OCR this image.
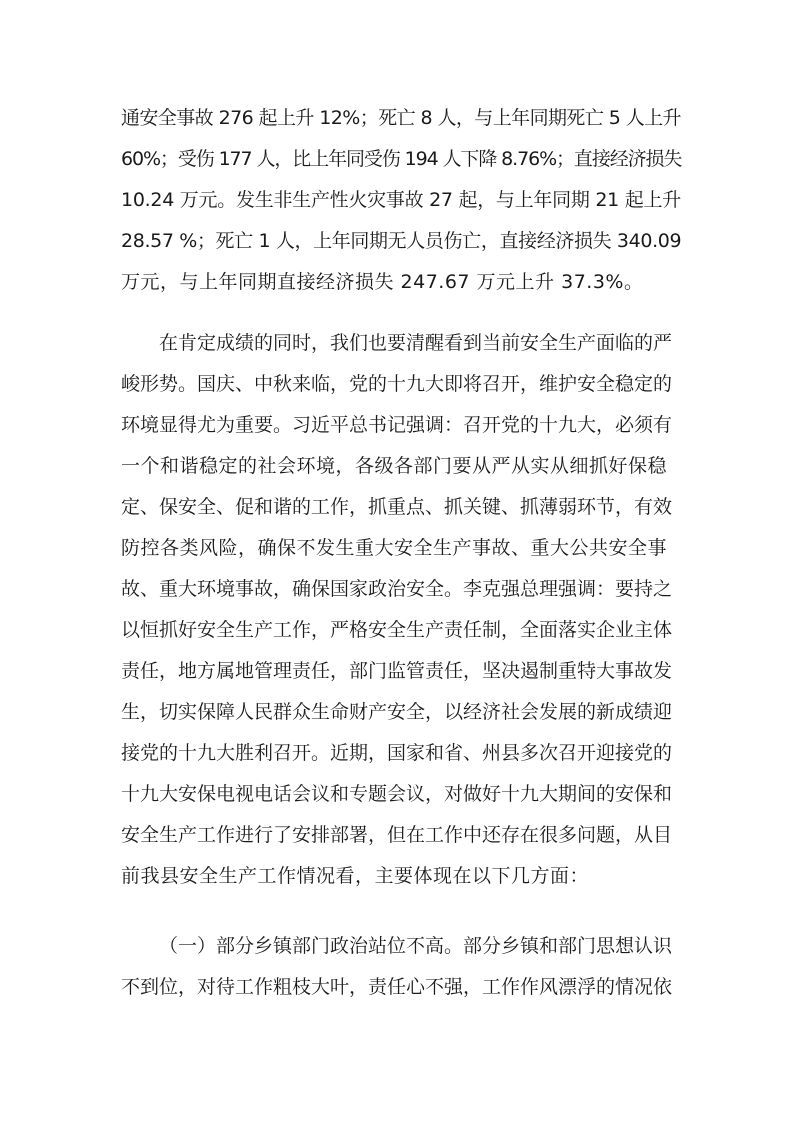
通安全事故 276 起上升 12%；死亡 8 人，与上年同期死亡 5 人上升
60%；受伤 177 人，比上年同受伤 194 人下降 8.76%；直接经济损失
10.24 万元。发生非生产性火灾事故 27 起，与上年同期 21 起上升
28.57 %；死亡 1 人，上年同期无人员伤亡，直接经济损失 340.09
万元，与上年同期直接经济损失 247.67 万元上升 37.3%。
在肯定成绩的同时，我们也要清醒看到当前安全生产面临的严
峻形势。国庆、中秋来临，党的十九大即将召开，维护安全稳定的
环境显得尤为重要。习近平总书记强调：召开党的十九大，必须有
一个和谐稳定的社会环境，各级各部门要从严从实从细抓好保稳
定、保安全、促和谐的工作，抓重点、抓关键、抓薄弱环节，有效
防控各类风险，确保不发生重大安全生产事故、重大公共安全事
故、重大环境事故，确保国家政治安全。李克强总理强调：要持之
以恒抓好安全生产工作，严格安全生产责任制，全面落实企业主体
责任，地方属地管理责任，部门监管责任，坚决遏制重特大事故发
生，切实保障人民群众生命财产安全，以经济社会发展的新成绩迎
接党的十九大胜利召开。近期，国家和省、州县多次召开迎接党的
十九大安保电视电话会议和专题会议，对做好十九大期间的安保和
安全生产工作进行了安排部署，但在工作中还存在很多问题，从目
前我县安全生产工作情况看，主要体现在以下几方面：
（一）部分乡镇部门政治站位不高。部分乡镇和部门思想认识
不到位，对待工作粗枝大叶，责任心不强，工作作风漂浮的情况依
